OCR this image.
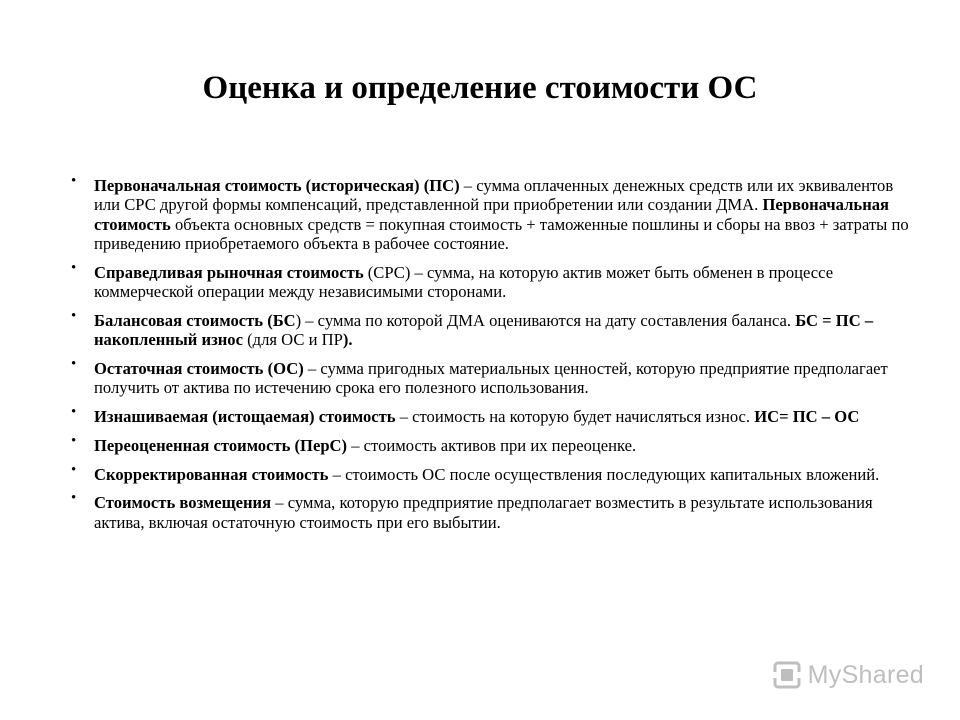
Оценка и определение стоимости ОС
• Первоначальная стоимость (историческая) (ПС) – сумма оплаченных денежных средств или их эквивалентов или СРС другой формы компенсаций, представленной при приобретении или создании ДМА. Первоначальная стоимость объекта основных средств = покупная стоимость + таможенные пошлины и сборы на ввоз + затраты по приведению приобретаемого объекта в рабочее состояние.
• Справедливая рыночная стоимость (СРС) – сумма, на которую актив может быть обменен в процессе коммерческой операции между независимыми сторонами.
• Балансовая стоимость (БС) – сумма по которой ДМА оцениваются на дату составления баланса. БС = ПС – накопленный износ (для ОС и ПР).
• Остаточная стоимость (ОС) – сумма пригодных материальных ценностей, которую предприятие предполагает получить от актива по истечению срока его полезного использования.
• Изнашиваемая (истощаемая) стоимость – стоимость на которую будет начисляться износ. ИС= ПС – ОС
• Переоцененная стоимость (ПерС) – стоимость активов при их переоценке.
• Скорректированная стоимость – стоимость ОС после осуществления последующих капитальных вложений.
• Стоимость возмещения – сумма, которую предприятие предполагает возместить в результате использования актива, включая остаточную стоимость при его выбытии.
MyShared
